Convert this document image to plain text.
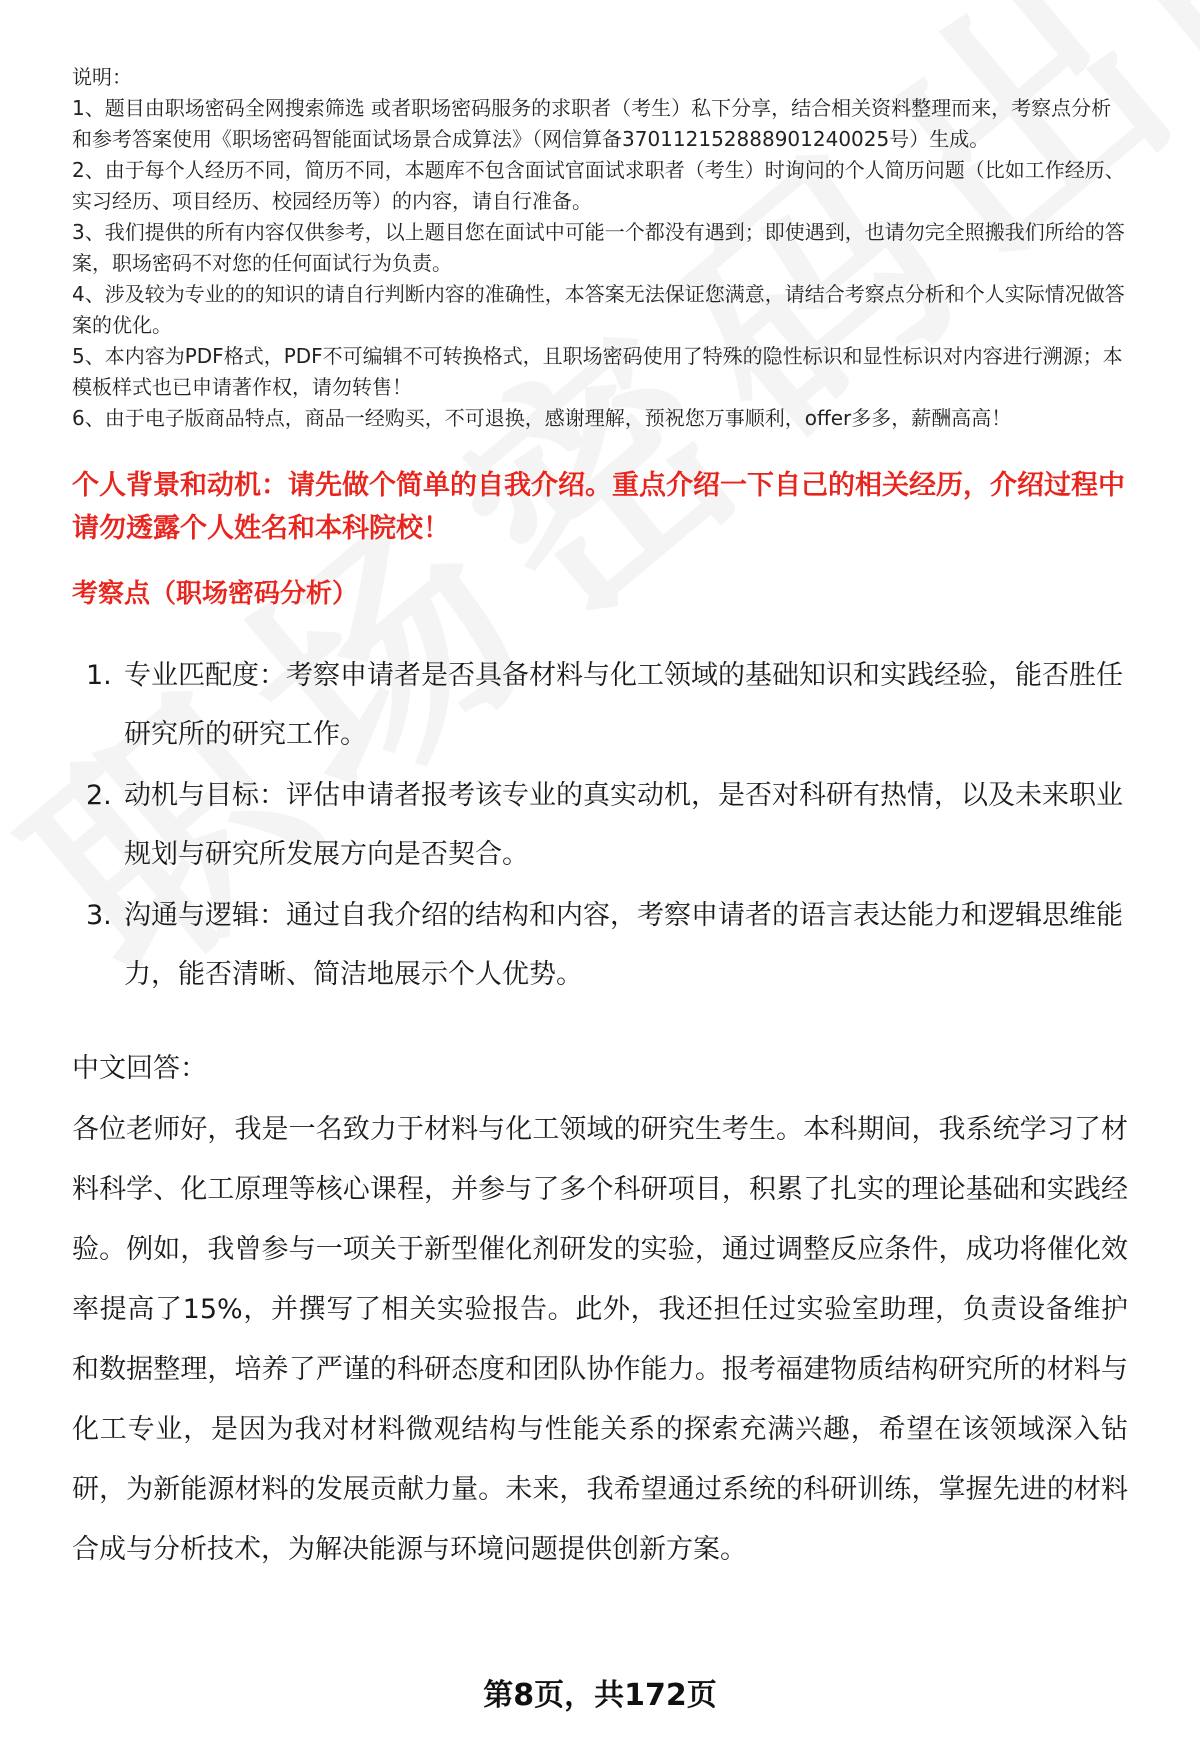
说明：

1、题目由职场密码全网搜索筛选 或者职场密码服务的求职者（考生）私下分享，结合相关资料整理而来，考察点分析和参考答案使用《职场密码智能面试场景合成算法》（网信算备370112152888901240025号）生成。

2、由于每个人经历不同，简历不同，本题库不包含面试官面试求职者（考生）时询问的个人简历问题（比如工作经历、实习经历、项目经历、校园经历等）的内容，请自行准备。

3、我们提供的所有内容仅供参考，以上题目您在面试中可能一个都没有遇到；即使遇到，也请勿完全照搬我们所给的答案，职场密码不对您的任何面试行为负责。

4、涉及较为专业的的知识的请自行判断内容的准确性，本答案无法保证您满意，请结合考察点分析和个人实际情况做答案的优化。

5、本内容为PDF格式，PDF不可编辑不可转换格式，且职场密码使用了特殊的隐性标识和显性标识对内容进行溯源；本模板样式也已申请著作权，请勿转售！

6、由于电子版商品特点，商品一经购买，不可退换，感谢理解，预祝您万事顺利，offer多多，薪酬高高！

个人背景和动机：请先做个简单的自我介绍。重点介绍一下自己的相关经历，介绍过程中请勿透露个人姓名和本科院校！
考察点（职场密码分析）
1. 专业匹配度：考察申请者是否具备材料与化工领域的基础知识和实践经验，能否胜任研究所的研究工作。
2. 动机与目标：评估申请者报考该专业的真实动机，是否对科研有热情，以及未来职业规划与研究所发展方向是否契合。
3. 沟通与逻辑：通过自我介绍的结构和内容，考察申请者的语言表达能力和逻辑思维能力，能否清晰、简洁地展示个人优势。
中文回答：
各位老师好，我是一名致力于材料与化工领域的研究生考生。本科期间，我系统学习了材料科学、化工原理等核心课程，并参与了多个科研项目，积累了扎实的理论基础和实践经验。例如，我曾参与一项关于新型催化剂研发的实验，通过调整反应条件，成功将催化效率提高了15%，并撰写了相关实验报告。此外，我还担任过实验室助理，负责设备维护和数据整理，培养了严谨的科研态度和团队协作能力。报考福建物质结构研究所的材料与化工专业，是因为我对材料微观结构与性能关系的探索充满兴趣，希望在该领域深入钻研，为新能源材料的发展贡献力量。未来，我希望通过系统的科研训练，掌握先进的材料合成与分析技术，为解决能源与环境问题提供创新方案。
第8页，共172页
